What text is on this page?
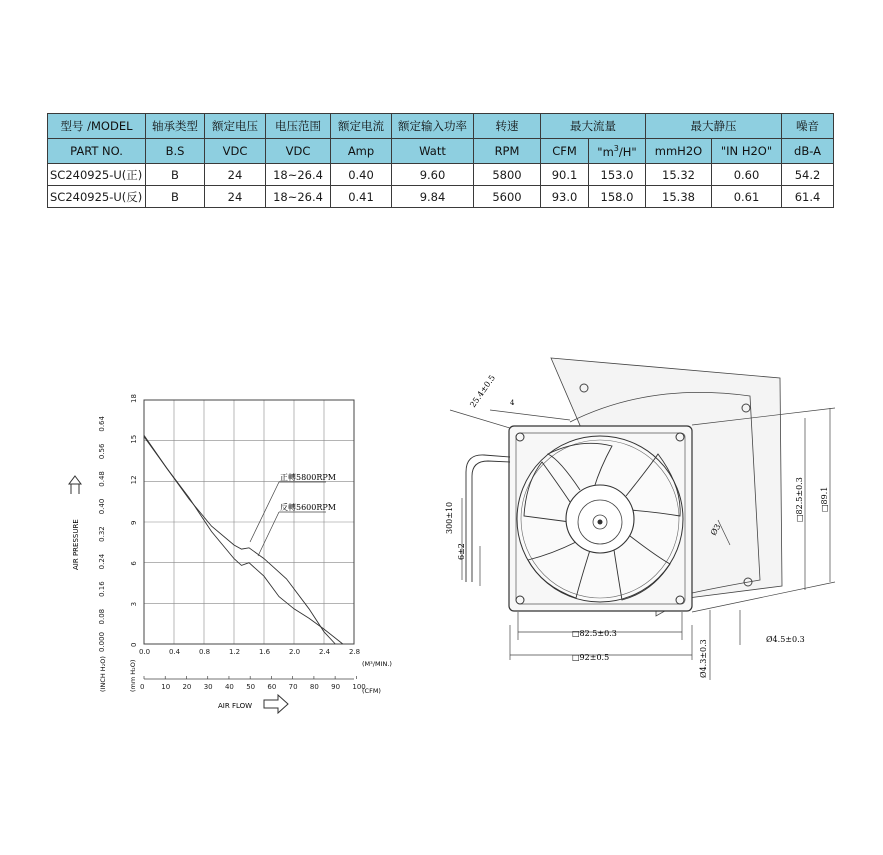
型号 /MODEL	轴承类型	额定电压	电压范围	额定电流	额定输入功率	转速	最大流量		最大静压		噪音
PART NO.	B.S	VDC	VDC	Amp	Watt	RPM	CFM	"$m^3/H$"	mmH2O	"IN H2O"	dB-A
SC240925-U(正)	B	24	18~26.4	0.40	9.60	5800	90.1	153.0	15.32	0.60	54.2
SC240925-U(反)	B	24	18~26.4	0.41	9.84	5600	93.0	158.0	15.38	0.61	61.4
0.0	0.4	0.8	1.2	1.6	2.0	2.4	2.8
0
3
6
9
12
15
18
0.000
0.08
0.16
0.24
0.32
0.40
0.48
0.56
0.64
0 10 20 30 40 50 60 70 80 90 100
正轉5800RPM
反轉5600RPM
AIR PRESSURE
(INCH H₂O)	(mm H₂O)	(M³/MIN.)
(CFM)
AIR FLOW
25.4±0.5 4
300±10
6±2
□82.5±0.3 □89.1
Ø3
□82.5±0.3
□92±0.5	Ø4.3±0.3	Ø4.5±0.3
